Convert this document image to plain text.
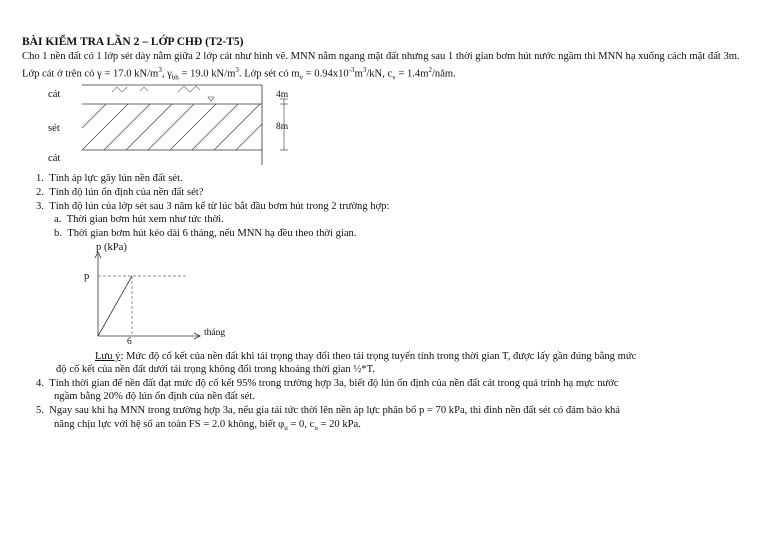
BÀI KIỂM TRA LẦN 2 – LỚP CHĐ (T2-T5)
Cho 1 nền đất có 1 lớp sét dày nằm giữa 2 lớp cát như hình vẽ. MNN nằm ngang mặt đất nhưng sau 1 thời gian bơm hút nước ngầm thì MNN hạ xuống cách mặt đất 3m. Lớp cát ở trên có γ = 17.0 $kN/m^3$, $\gamma_{bh} = 19.0$ $kN/m^3$. Lớp sét có $m_v = 0.94x10^{-3}m^3/kN$, $c_v$ = $1.4m^2$/năm.
cát
sét
cát
4m
8m
1.  Tính áp lực gây lún nền đất sét.
2.  Tính độ lún ổn định của nền đất sét?
3.  Tính độ lún của lớp sét sau 3 năm kể từ lúc bắt đầu bơm hút trong 2 trường hợp:
a.  Thời gian bơm hút xem như tức thời.
b.  Thời gian bơm hút kéo dài 6 tháng, nếu MNN hạ đều theo thời gian.
p (kPa)
p
tháng
6
Lưu ý: Mức độ cố kết của nền đất khi tải trọng thay đổi theo tải trọng tuyến tính trong thời gian T, được lấy gần đúng bằng mức
độ cố kết của nền đất dưới tải trọng không đổi trong khoảng thời gian ½*T.
4.  Tính thời gian để nền đất đạt mức độ cố kết 95% trong trường hợp 3a, biết độ lún ổn định của nền đất cát trong quá trình hạ mực nước
ngầm bằng 20% độ lún ổn định của nền đất sét.
5.  Ngay sau khi hạ MNN trong trường hợp 3a, nếu gia tải tức thời lên nền áp lực phân bố p = 70 kPa, thì đinh nền đất sét có đảm bảo khả
năng chịu lực với hệ số an toàn FS = 2.0 không, biết $\varphi_u = 0$, $c_u = 20$ kPa.
